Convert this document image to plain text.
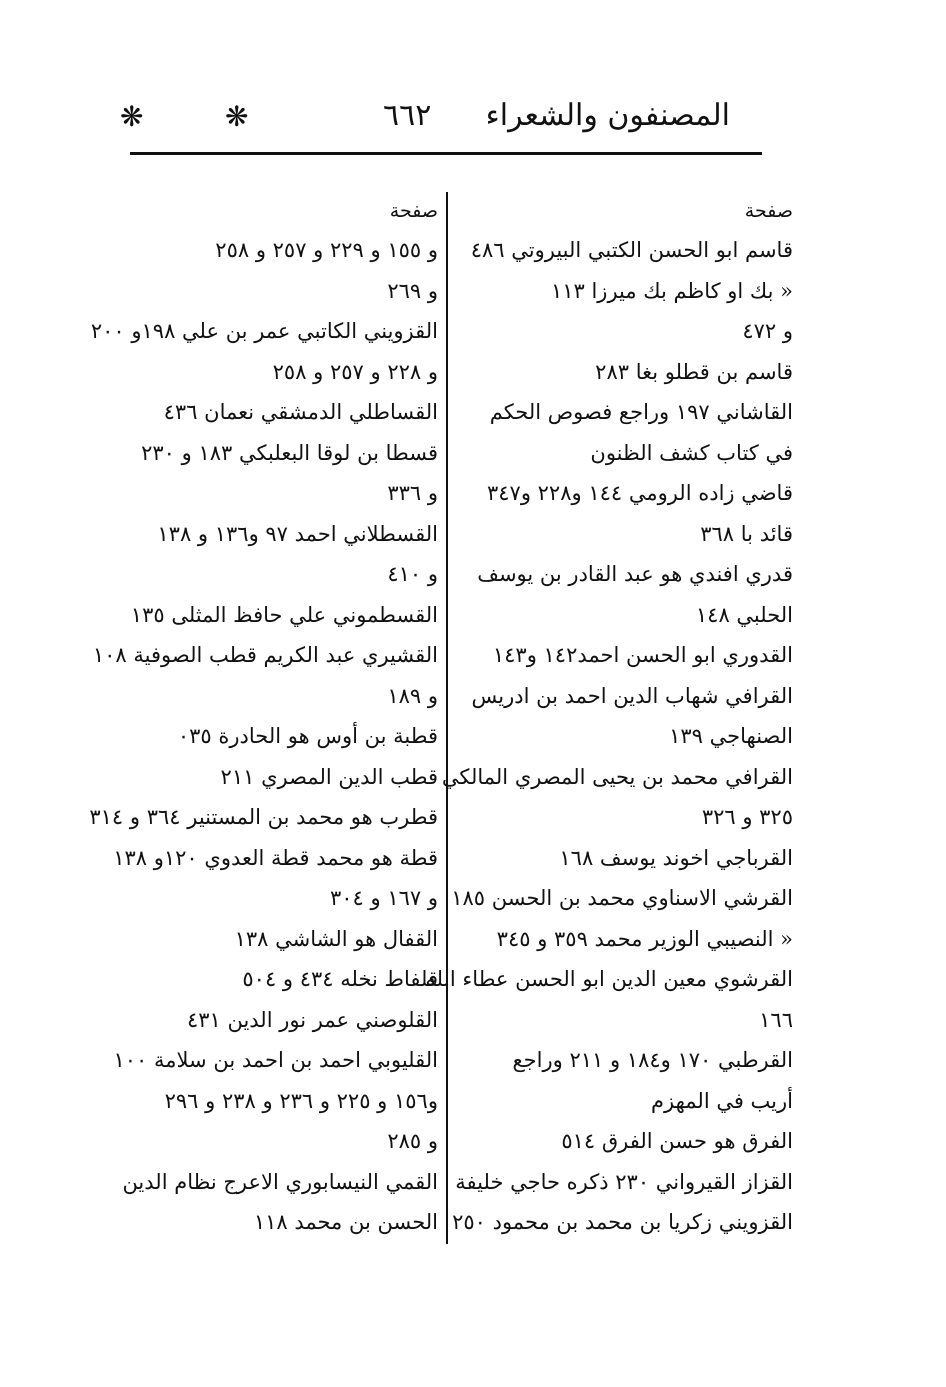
❋	٦٦٢
❋	المصنفون والشعراء
صفحة
قاسم ابو الحسن الكتبي البيروتي ٤٨٦
« بك او كاظم بك ميرزا ١١٣
و ٤٧٢
قاسم بن قطلو بغا ٢٨٣
القاشاني ١٩٧ وراجع فصوص الحكم
في كتاب كشف الظنون
قاضي زاده الرومي ١٤٤ و٢٢٨ و٣٤٧
قائد با ٣٦٨
قدري افندي هو عبد القادر بن يوسف
الحلبي ١٤٨
القدوري ابو الحسن احمد١٤٢ و١٤٣
القرافي شهاب الدين احمد بن ادريس
الصنهاجي ١٣٩
القرافي محمد بن يحيى المصري المالكي
٣٢٥ و ٣٢٦
القرباجي اخوند يوسف ١٦٨
القرشي الاسناوي محمد بن الحسن ١٨٥
« النصيبي الوزير محمد ٣٥٩ و ٣٤٥
القرشوي معين الدين ابو الحسن عطاء الله
١٦٦
القرطبي ١٧٠ و١٨٤ و ٢١١ وراجع
أريب في المهزم
الفرق هو حسن الفرق ٥١٤
القزاز القيرواني ٢٣٠ ذكره حاجي خليفة
القزويني زكريا بن محمد بن محمود ٢٥٠
صفحة
و ١٥٥ و ٢٢٩ و ٢٥٧ و ٢٥٨
و ٢٦٩
القزويني الكاتبي عمر بن علي ١٩٨و ٢٠٠
و ٢٢٨ و ٢٥٧ و ٢٥٨
القساطلي الدمشقي نعمان ٤٣٦
قسطا بن لوقا البعلبكي ١٨٣ و ٢٣٠
و ٣٣٦
القسطلاني احمد ٩٧ و١٣٦ و ١٣٨
و ٤١٠
القسطموني علي حافظ المثلى ١٣٥
القشيري عبد الكريم قطب الصوفية ١٠٨
و ١٨٩
قطبة بن أوس هو الحادرة ٠٣٥
قطب الدين المصري ٢١١
قطرب هو محمد بن المستنير ٣٦٤ و ٣١٤
قطة هو محمد قطة العدوي ١٢٠و ١٣٨
و ١٦٧ و ٣٠٤
القفال هو الشاشي ١٣٨
قلفاط نخله ٤٣٤ و ٥٠٤
القلوصني عمر نور الدين ٤٣١
القليوبي احمد بن احمد بن سلامة ١٠٠
و١٥٦ و ٢٢٥ و ٢٣٦ و ٢٣٨ و ٢٩٦
و ٢٨٥
القمي النيسابوري الاعرج نظام الدين
الحسن بن محمد ١١٨
